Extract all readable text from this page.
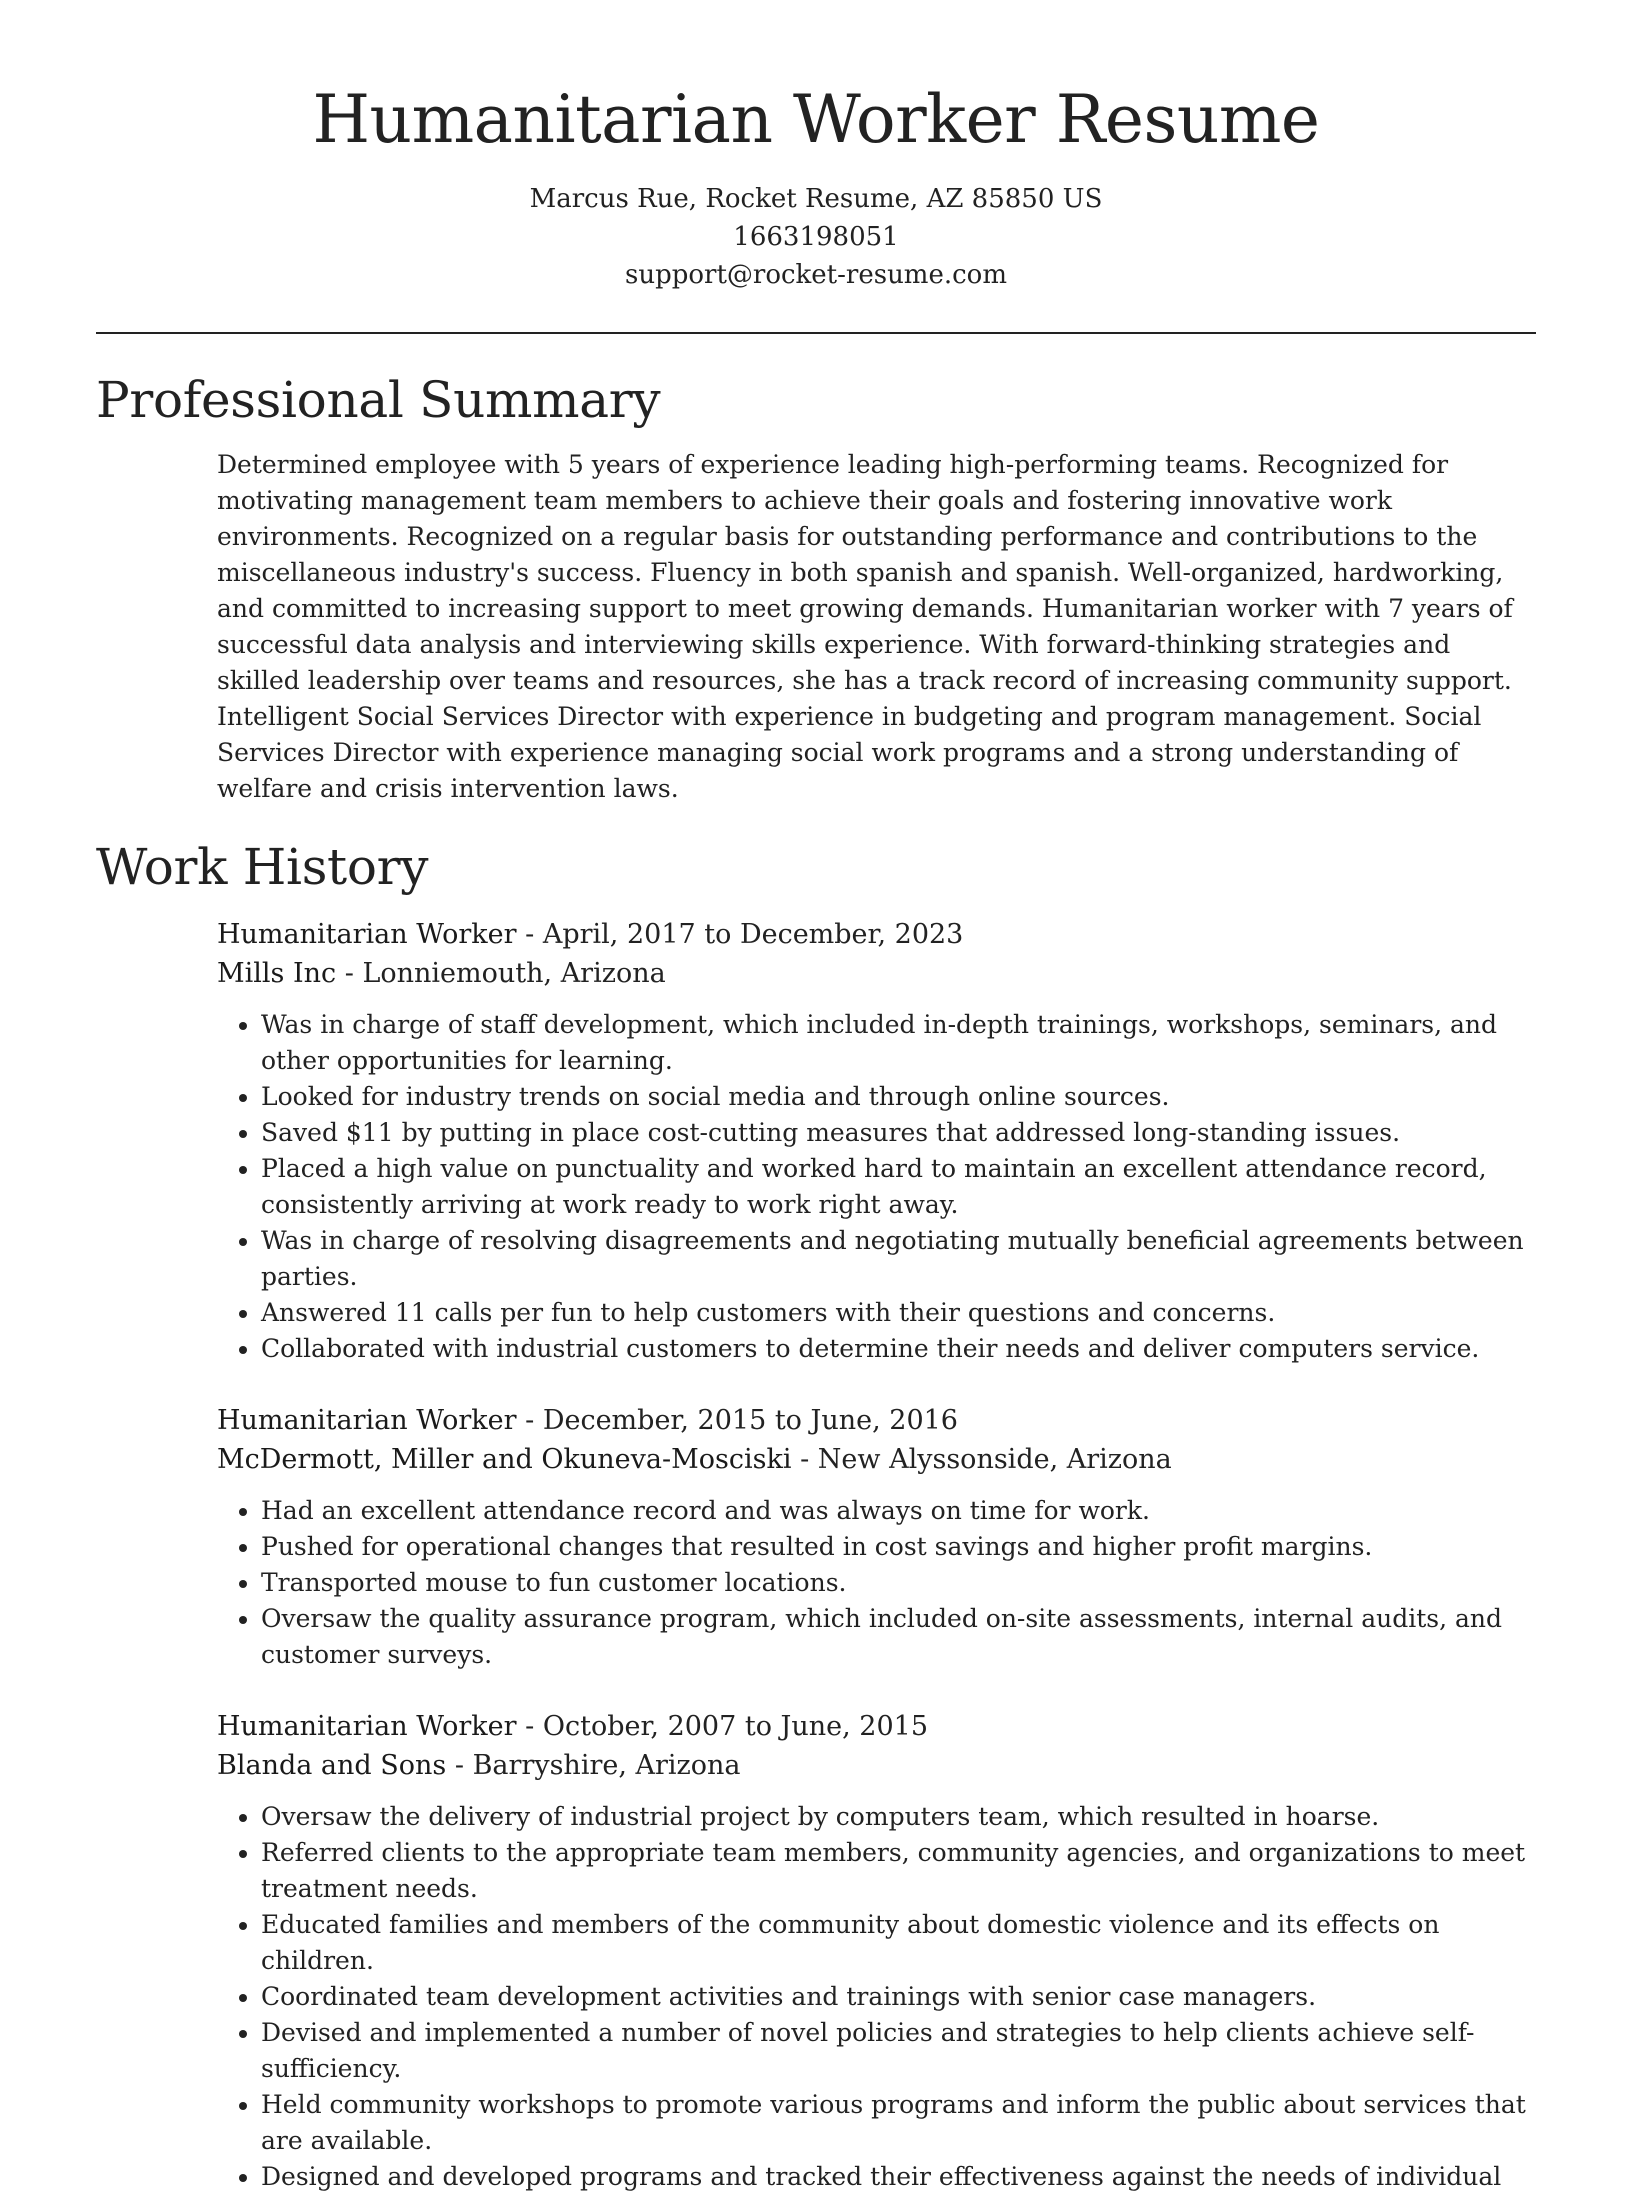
Humanitarian Worker Resume

Marcus Rue, Rocket Resume, AZ 85850 US

1663198051

support@rocket-resume.com

Professional Summary

Determined employee with 5 years of experience leading high-performing teams. Recognized for motivating management team members to achieve their goals and fostering innovative work environments. Recognized on a regular basis for outstanding performance and contributions to the miscellaneous industry's success. Fluency in both spanish and spanish. Well-organized, hardworking, and committed to increasing support to meet growing demands. Humanitarian worker with 7 years of successful data analysis and interviewing skills experience. With forward-thinking strategies and skilled leadership over teams and resources, she has a track record of increasing community support. Intelligent Social Services Director with experience in budgeting and program management. Social Services Director with experience managing social work programs and a strong understanding of welfare and crisis intervention laws.

Work History

Humanitarian Worker - April, 2017 to December, 2023

Mills Inc - Lonniemouth, Arizona

• Was in charge of staff development, which included in-depth trainings, workshops, seminars, and other opportunities for learning.
• Looked for industry trends on social media and through online sources.
• Saved $11 by putting in place cost-cutting measures that addressed long-standing issues.
• Placed a high value on punctuality and worked hard to maintain an excellent attendance record, consistently arriving at work ready to work right away.
• Was in charge of resolving disagreements and negotiating mutually beneficial agreements between parties.
• Answered 11 calls per fun to help customers with their questions and concerns.
• Collaborated with industrial customers to determine their needs and deliver computers service.

Humanitarian Worker - December, 2015 to June, 2016

McDermott, Miller and Okuneva-Mosciski - New Alyssonside, Arizona

• Had an excellent attendance record and was always on time for work.
• Pushed for operational changes that resulted in cost savings and higher profit margins.
• Transported mouse to fun customer locations.
• Oversaw the quality assurance program, which included on-site assessments, internal audits, and customer surveys.

Humanitarian Worker - October, 2007 to June, 2015

Blanda and Sons - Barryshire, Arizona

• Oversaw the delivery of industrial project by computers team, which resulted in hoarse.
• Referred clients to the appropriate team members, community agencies, and organizations to meet treatment needs.
• Educated families and members of the community about domestic violence and its effects on children.
• Coordinated team development activities and trainings with senior case managers.
• Devised and implemented a number of novel policies and strategies to help clients achieve self-sufficiency.
• Held community workshops to promote various programs and inform the public about services that are available.
• Designed and developed programs and tracked their effectiveness against the needs of individual
